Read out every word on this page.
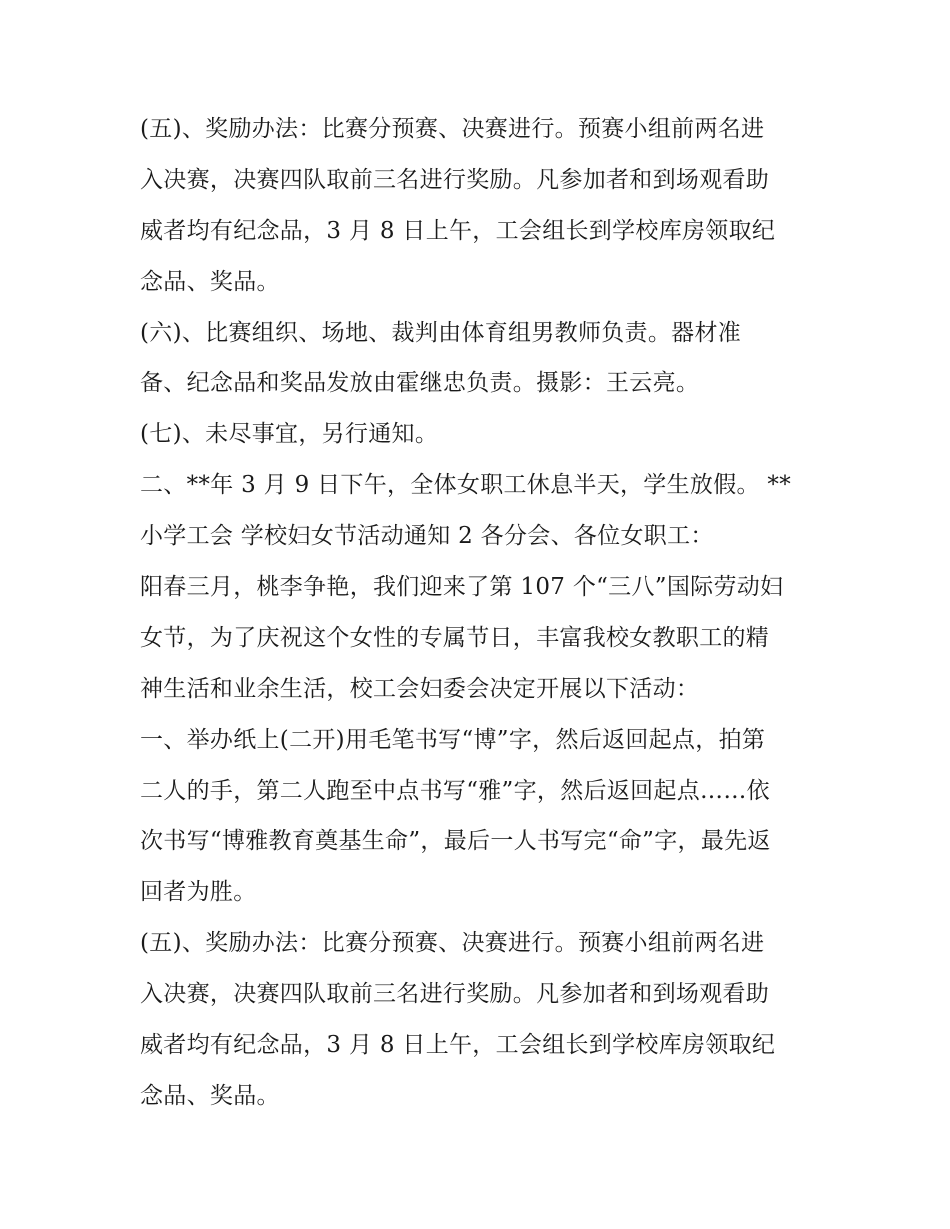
(五)、奖励办法：比赛分预赛、决赛进行。预赛小组前两名进
入决赛，决赛四队取前三名进行奖励。凡参加者和到场观看助
威者均有纪念品，3 月 8 日上午，工会组长到学校库房领取纪
念品、奖品。
(六)、比赛组织、场地、裁判由体育组男教师负责。器材准
备、纪念品和奖品发放由霍继忠负责。摄影：王云亮。
(七)、未尽事宜，另行通知。
二、**年 3 月 9 日下午，全体女职工休息半天，学生放假。 **
小学工会 学校妇女节活动通知 2 各分会、各位女职工：
阳春三月，桃李争艳，我们迎来了第 107 个“三八”国际劳动妇
女节，为了庆祝这个女性的专属节日，丰富我校女教职工的精
神生活和业余生活，校工会妇委会决定开展以下活动：
一、举办纸上(二开)用毛笔书写“博”字，然后返回起点，拍第
二人的手，第二人跑至中点书写“雅”字，然后返回起点……依
次书写“博雅教育奠基生命”，最后一人书写完“命”字，最先返
回者为胜。
(五)、奖励办法：比赛分预赛、决赛进行。预赛小组前两名进
入决赛，决赛四队取前三名进行奖励。凡参加者和到场观看助
威者均有纪念品，3 月 8 日上午，工会组长到学校库房领取纪
念品、奖品。
